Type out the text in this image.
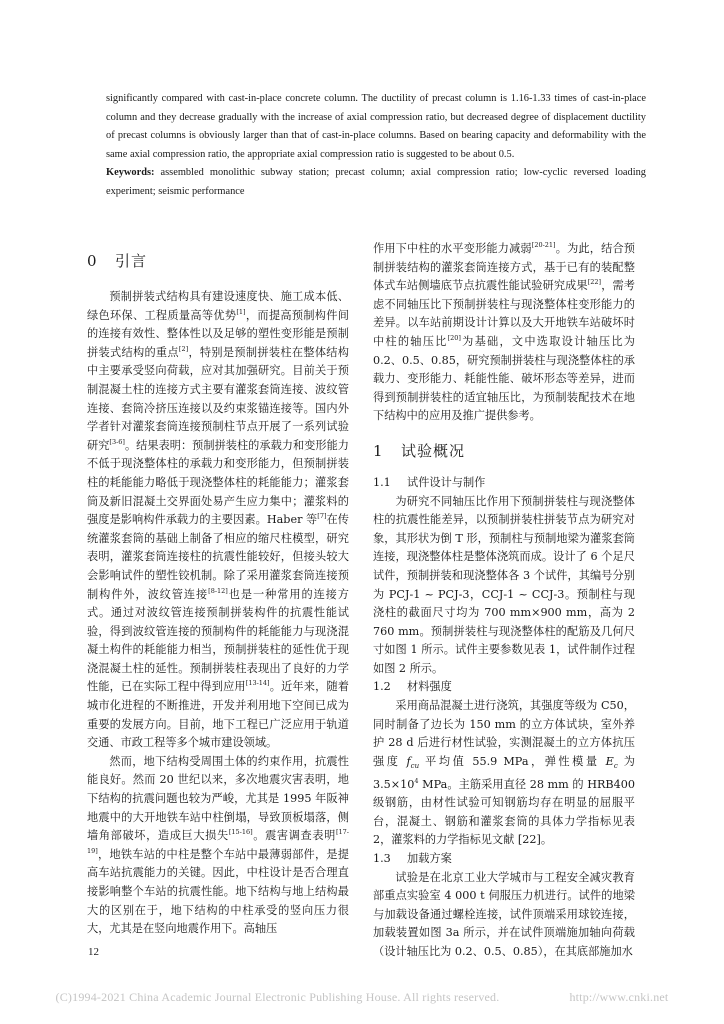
significantly compared with cast-in-place concrete column. The ductility of precast column is 1.16-1.33 times of cast-in-place column and they decrease gradually with the increase of axial compression ratio, but decreased degree of displacement ductility of precast columns is obviously larger than that of cast-in-place columns. Based on bearing capacity and deformability with the same axial compression ratio, the appropriate axial compression ratio is suggested to be about 0.5.

Keywords: assembled monolithic subway station; precast column; axial compression ratio; low-cyclic reversed loading experiment; seismic performance

0 引言

预制拼装式结构具有建设速度快、施工成本低、绿色环保、工程质量高等优势[1]，而提高预制构件间的连接有效性、整体性以及足够的塑性变形能是预制拼装式结构的重点[2]，特别是预制拼装柱在整体结构中主要承受竖向荷载，应对其加强研究。目前关于预制混凝土柱的连接方式主要有灌浆套筒连接、波纹管连接、套筒冷挤压连接以及约束浆锚连接等。国内外学者针对灌浆套筒连接预制柱节点开展了一系列试验研究[3-6]。结果表明：预制拼装柱的承载力和变形能力不低于现浇整体柱的承载力和变形能力，但预制拼装柱的耗能能力略低于现浇整体柱的耗能能力；灌浆套筒及新旧混凝土交界面处易产生应力集中；灌浆料的强度是影响构件承载力的主要因素。Haber 等[7]在传统灌浆套筒的基础上制备了相应的缩尺柱模型，研究表明，灌浆套筒连接柱的抗震性能较好，但接头较大会影响试件的塑性铰机制。除了采用灌浆套筒连接预制构件外，波纹管连接[8-12]也是一种常用的连接方式。通过对波纹管连接预制拼装构件的抗震性能试验，得到波纹管连接的预制构件的耗能能力与现浇混凝土构件的耗能能力相当，预制拼装柱的延性优于现浇混凝土柱的延性。预制拼装柱表现出了良好的力学性能，已在实际工程中得到应用[13-14]。近年来，随着城市化进程的不断推进，开发并利用地下空间已成为重要的发展方向。目前，地下工程已广泛应用于轨道交通、市政工程等多个城市建设领域。

然而，地下结构受周围土体的约束作用，抗震性能良好。然而 20 世纪以来，多次地震灾害表明，地下结构的抗震问题也较为严峻，尤其是 1995 年阪神地震中的大开地铁车站中柱倒塌，导致顶板塌落，侧墙角部破坏，造成巨大损失[15-16]。震害调查表明[17-19]，地铁车站的中柱是整个车站中最薄弱部件，是提高车站抗震能力的关键。因此，中柱设计是否合理直接影响整个车站的抗震性能。地下结构与地上结构最大的区别在于，地下结构的中柱承受的竖向压力很大，尤其是在竖向地震作用下。高轴压

作用下中柱的水平变形能力减弱[20-21]。为此，结合预制拼装结构的灌浆套筒连接方式，基于已有的装配整体式车站侧墙底节点抗震性能试验研究成果[22]，需考虑不同轴压比下预制拼装柱与现浇整体柱变形能力的差异。以车站前期设计计算以及大开地铁车站破坏时中柱的轴压比[20]为基础，文中选取设计轴压比为 0.2、0.5、0.85，研究预制拼装柱与现浇整体柱的承载力、变形能力、耗能性能、破坏形态等差异，进而得到预制拼装柱的适宜轴压比，为预制装配技术在地下结构中的应用及推广提供参考。

1 试验概况
1.1 试件设计与制作

为研究不同轴压比作用下预制拼装柱与现浇整体柱的抗震性能差异，以预制拼装柱拼装节点为研究对象，其形状为倒 T 形，预制柱与预制地梁为灌浆套筒连接，现浇整体柱是整体浇筑而成。设计了 6 个足尺试件，预制拼装和现浇整体各 3 个试件，其编号分别为 PCJ-1 ~ PCJ-3，CCJ-1 ~ CCJ-3。预制柱与现浇柱的截面尺寸均为 700 mm×900 mm，高为 2 760 mm。预制拼装柱与现浇整体柱的配筋及几何尺寸如图 1 所示。试件主要参数见表 1，试件制作过程如图 2 所示。

1.2 材料强度

采用商品混凝土进行浇筑，其强度等级为 C50，同时制备了边长为 150 mm 的立方体试块，室外养护 28 d 后进行材性试验，实测混凝土的立方体抗压强度 $f_{cu}$ 平均值 55.9 MPa，弹性模量 $E_c$ 为 $3.5\times 10^4$ MPa。主筋采用直径 28 mm 的 HRB400 级钢筋，由材性试验可知钢筋均存在明显的屈服平台，混凝土、钢筋和灌浆套筒的具体力学指标见表 2，灌浆料的力学指标见文献 [22]。

1.3 加载方案

试验是在北京工业大学城市与工程安全减灾教育部重点实验室 4 000 t 伺服压力机进行。试件的地梁与加载设备通过螺栓连接，试件顶端采用球铰连接，加载装置如图 3a 所示，并在试件顶端施加轴向荷载（设计轴压比为 0.2、0.5、0.85），在其底部施加水

12
(C)1994-2021 China Academic Journal Electronic Publishing House. All rights reserved.	http://www.cnki.net
